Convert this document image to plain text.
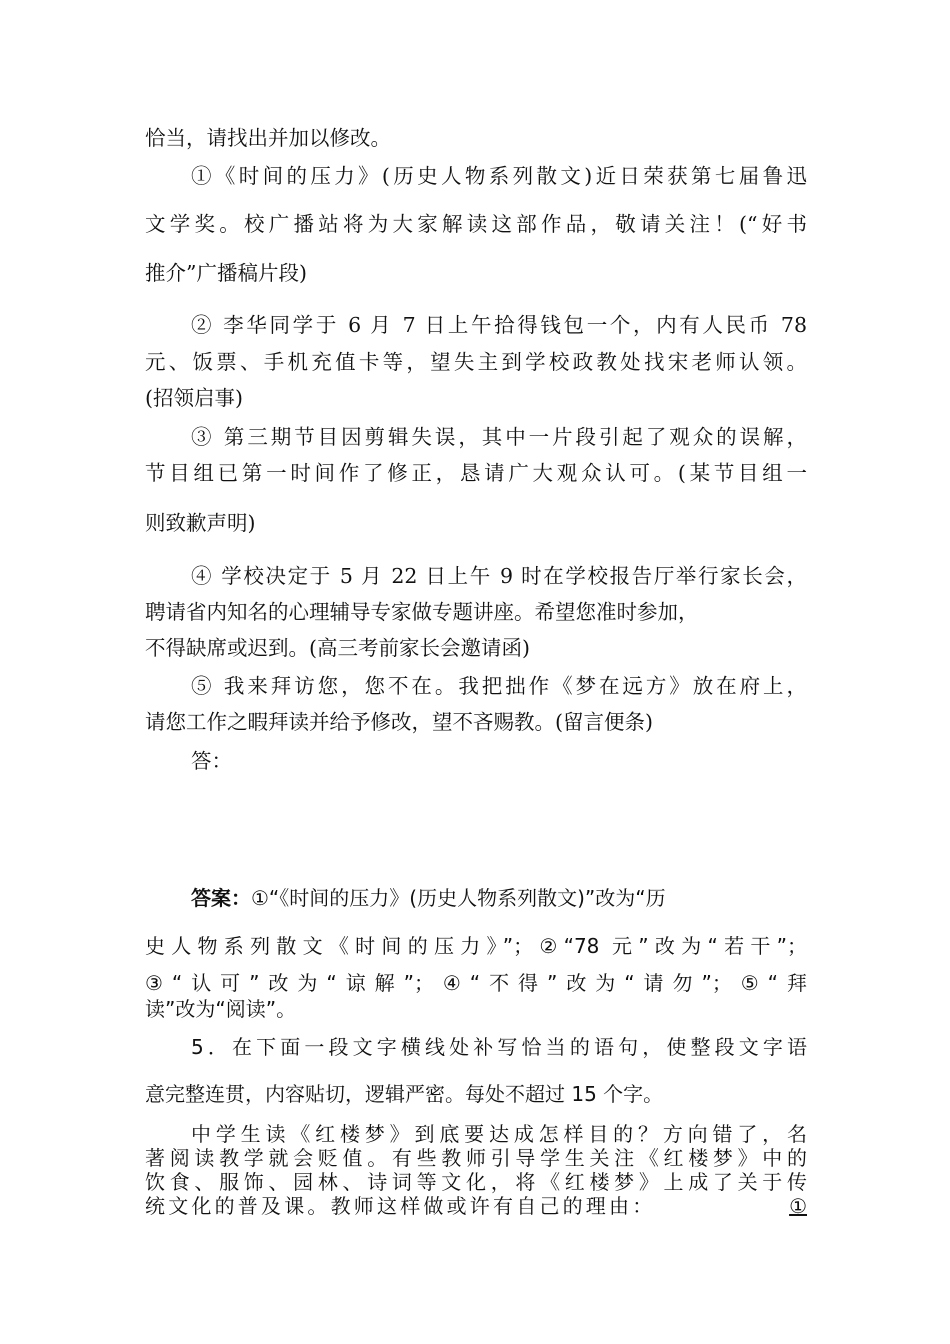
恰当，请找出并加以修改。
①《时间的压力》(历史人物系列散文)近日荣获第七届鲁迅
文学奖。校广播站将为大家解读这部作品，敬请关注！(“好书
推介”广播稿片段)
② 李华同学于 6 月 7 日上午拾得钱包一个，内有人民币 78
元、饭票、手机充值卡等，望失主到学校政教处找宋老师认领。
(招领启事)
③ 第三期节目因剪辑失误，其中一片段引起了观众的误解，
节目组已第一时间作了修正，恳请广大观众认可。(某节目组一
则致歉声明)
④ 学校决定于 5 月 22 日上午 9 时在学校报告厅举行家长会，
聘请省内知名的心理辅导专家做专题讲座。希望您准时参加，
不得缺席或迟到。(高三考前家长会邀请函)
⑤ 我来拜访您，您不在。我把拙作《梦在远方》放在府上，
请您工作之暇拜读并给予修改，望不吝赐教。(留言便条)
答：
答案：①“《时间的压力》(历史人物系列散文)”改为“历
史人物系列散文《时间的压力》”；②“78 元”改为“若干”；
③“认可”改为“谅解”；④“不得”改为“请勿”；⑤“拜
读”改为“阅读”。
5．在下面一段文字横线处补写恰当的语句，使整段文字语
意完整连贯，内容贴切，逻辑严密。每处不超过 15 个字。
中学生读《红楼梦》到底要达成怎样目的？方向错了，名
著阅读教学就会贬值。有些教师引导学生关注《红楼梦》中的
饮食、服饰、园林、诗词等文化，将《红楼梦》上成了关于传
统文化的普及课。教师这样做或许有自己的理由：	①
